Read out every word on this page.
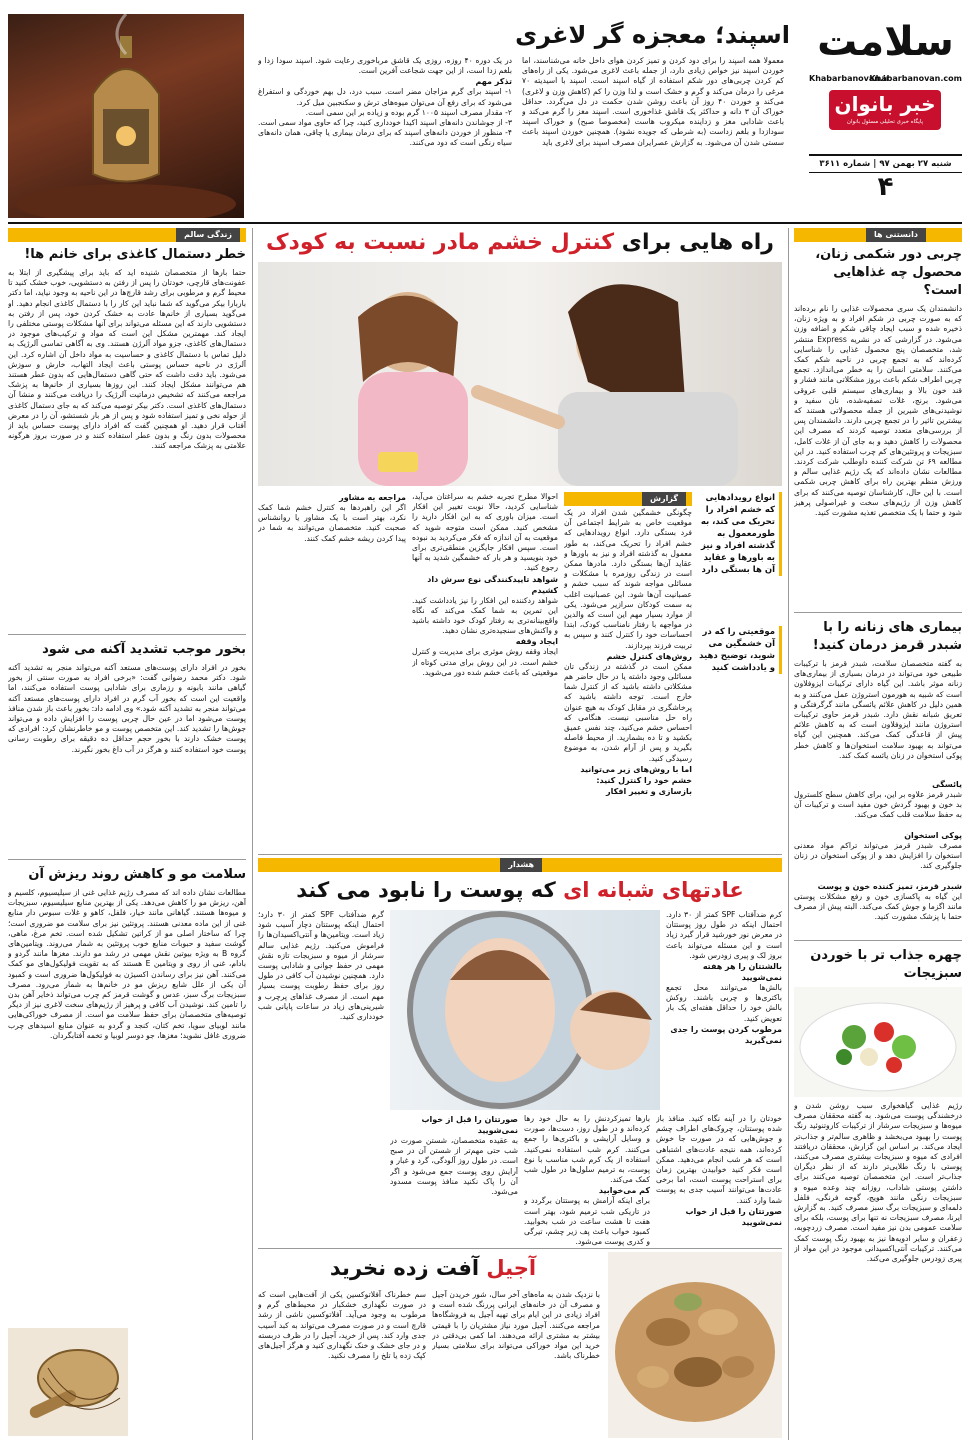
سلامت
Khabarbanovan.com
Khabarbanovan.ir
خبر بانوان
پایگاه خبری تحلیلی مسئول بانوان
شنبه ۲۷ بهمن ۹۷ | شماره ۳۶۱۱
۴
اسپند؛ معجزه گر لاغری
معمولا همه اسپند را برای دود کردن و تمیز کردن هوای داخل خانه می‌شناسند، اما خوردن اسپند نیز خواص زیادی دارد، از جمله باعث لاغری می‌شود. یکی از راه‌های کم کردن چربی‌های دور شکم استفاده از گیاه اسپند است. اسپند با اسیدیته ۷۰ مرغی را درمان می‌کند و گرم و خشک است و لذا وزن را کم (کاهش وزن و لاغری) می‌کند و خوردن ۴۰ روز آن باعث روشن شدن حکمت در دل می‌گردد. حداقل خوراک آن ۳ دانه و حداکثر یک قاشق غذاخوری است. اسپند مغز را گرم می‌کند و باعث شادابی مغز و زداینده میکروب هاست (مخصوصا صبح) و خوراک اسپند سودازدا و بلغم زداست (به شرطی که جویده نشود). همچنین خوردن اسپند باعث سستی شدن آن می‌شود. به گزارش عصرایران مصرف اسپند برای لاغری باید
در یک دوره ۴۰ روزه، روزی یک قاشق مرباخوری رعایت شود. اسپند سودا زدا و بلغم زدا است، از این جهت شجاعت آفرین است.
تذکر مهم
۱- اسپند برای گرم مزاجان مضر است. سبب درد، دل بهم خوردگی و استفراغ می‌شود که برای رفع آن می‌توان میوه‌های ترش و سکنجبین میل کرد.
۲- مقدار مصرف اسپند ۱۰۰۵ گرم بوده و زیاده بر این سمی است.
۳- از جوشاندن دانه‌های اسپند اکیدا خودداری کنید، چرا که حاوی مواد سمی است.
۴- منظور از خوردن دانه‌های اسپند که برای درمان بیماری یا چاقی، همان دانه‌های سیاه رنگی است که دود می‌کنند.
زندگی سالم
خطر دستمال کاغذی برای خانم ها!
حتما بارها از متخصصان شنیده اید که باید برای پیشگیری از ابتلا به عفونت‌های قارچی، خودتان را پس از رفتن به دستشویی، خوب خشک کنید تا محیط گرم و مرطوبی برای رشد قارچ‌ها در این ناحیه به وجود نیاید، اما دکتر باربارا بیکر می‌گوید که شما نباید این کار را با دستمال کاغذی انجام دهید. او می‌گوید بسیاری از خانم‌ها عادت به خشک کردن خود، پس از رفتن به دستشویی دارند که این مسئله می‌تواند برای آنها مشکلات پوستی مختلفی را ایجاد کند. مهمترین مشکل این است که مواد و ترکیب‌های موجود در دستمال‌های کاغذی، جزو مواد آلرژن هستند. وی به آگاهی تماسی آلرژیک به دلیل تماس با دستمال کاغذی و حساسیت به مواد داخل آن اشاره کرد. این آلرژی در ناحیه حساس پوستی باعث ایجاد التهاب، خارش و سوزش می‌شود. باید دقت داشت که حتی گاهی دستمال‌هایی که بدون عطر هستند هم می‌توانند مشکل ایجاد کنند. این روزها بسیاری از خانم‌ها به پزشک مراجعه می‌کنند که تشخیص درماتیت آلرژیک را دریافت می‌کنند و منشا آن دستمال‌های کاغذی است. دکتر بیکر توصیه می‌کند که به جای دستمال کاغذی از حوله نخی و تمیز استفاده شود و پس از هر بار شستشو، آن را در معرض آفتاب قرار دهید. او همچنین گفت که افراد دارای پوست حساس باید از محصولات بدون رنگ و بدون عطر استفاده کنند و در صورت بروز هرگونه علامتی به پزشک مراجعه کنند.
بخور موجب تشدید آکنه می شود
بخور در افراد دارای پوست‌های مستعد آکنه می‌تواند منجر به تشدید آکنه شود. دکتر محمد رضوانی گفت: «برخی افراد به صورت سنتی از بخور گیاهی مانند بابونه و رزماری برای شادابی پوست استفاده می‌کنند، اما واقعیت این است که بخور آب گرم در افراد دارای پوست‌های مستعد آکنه می‌تواند منجر به تشدید آکنه شود.» وی ادامه داد: بخور باعث باز شدن منافذ پوست می‌شود اما در عین حال چربی پوست را افزایش داده و می‌تواند جوش‌ها را تشدید کند. این متخصص پوست و مو خاطرنشان کرد: افرادی که پوست خشک دارند با بخور حجم حداقل ده دقیقه برای رطوبت رسانی پوست خود استفاده کنند و هرگز در آب داغ بخور نگیرند.
سلامت مو و کاهش روند ریزش آن
مطالعات نشان داده اند که مصرف رژیم غذایی غنی از سیلیسیوم، کلسیم و آهن، ریزش مو را کاهش می‌دهد. یکی از بهترین منابع سیلیسیوم، سبزیجات و میوه‌ها هستند. گیاهانی مانند خیار، فلفل، کاهو و غلات سبوس دار منابع غنی از این ماده معدنی هستند. پروتئین نیز برای سلامت مو ضروری است؛ چرا که ساختار اصلی مو از کراتین تشکیل شده است. تخم مرغ، ماهی، گوشت سفید و حبوبات منابع خوب پروتئین به شمار می‌روند. ویتامین‌های گروه B به ویژه بیوتین نقش مهمی در رشد مو دارند. مغزها مانند گردو و بادام، غنی از روی و ویتامین E هستند که به تقویت فولیکول‌های مو کمک می‌کنند. آهن نیز برای رساندن اکسیژن به فولیکول‌ها ضروری است و کمبود آن یکی از علل شایع ریزش مو در خانم‌ها به شمار می‌رود. مصرف سبزیجات برگ سبز، عدس و گوشت قرمز کم چرب می‌تواند ذخایر آهن بدن را تامین کند. نوشیدن آب کافی و پرهیز از رژیم‌های سخت لاغری نیز از دیگر توصیه‌های متخصصان برای حفظ سلامت مو است. از مصرف خوراکی‌هایی مانند لوبیای سویا، تخم کتان، کنجد و گردو به عنوان منابع اسیدهای چرب ضروری غافل نشوید؛ مغزها، جو دوسر لوبیا و تخمه آفتابگردان.
راه هایی برای کنترل خشم مادر نسبت به کودک
انواع رویدادهایی که خشم افراد را تحریک می کند، به طورمعمول به گذشته افراد و نیز به باورها و عقاید آن ها بستگی دارد
موقعیتی را که در آن خشمگین می شوید، توضیح دهید و یادداشت کنید
گزارش
چگونگی خشمگین شدن افراد در یک موقعیت خاص به شرایط اجتماعی آن فرد بستگی دارد. انواع رویدادهایی که خشم افراد را تحریک می‌کند، به طور معمول به گذشته افراد و نیز به باورها و عقاید آن‌ها بستگی دارد. مادرها ممکن است در زندگی روزمره با مشکلات و مسائلی مواجه شوند که سبب خشم و عصبانیت آن‌ها شود. این عصبانیت اغلب به سمت کودکان سرازیر می‌شود. یکی از موارد بسیار مهم این است که والدین در مواجهه با رفتار نامناسب کودک، ابتدا احساسات خود را کنترل کنند و سپس به تربیت فرزند بپردازند.
روش‌های کنترل خشم
ممکن است در گذشته در زندگی تان مسائلی وجود داشته یا در حال حاضر هم مشکلاتی داشته باشید که از کنترل شما خارج است. توجه داشته باشید که پرخاشگری در مقابل کودک به هیچ عنوان راه حل مناسبی نیست. هنگامی که احساس خشم می‌کنید، چند نفس عمیق بکشید و تا ده بشمارید. از محیط فاصله بگیرید و پس از آرام شدن، به موضوع رسیدگی کنید.
اما با روش‌های زیر می‌توانید خشم خود را کنترل کنید:
بازسازی و تغییر افکار
احوالا مطرح تجربه خشم به سراغتان می‌آید، شناسایی کردید، حالا نوبت تغییر این افکار است. میزان باوری که به این افکار دارید را مشخص کنید. ممکن است متوجه شوید که موقعیت به آن اندازه که فکر می‌کردید بد نبوده است. سپس افکار جایگزین منطقی‌تری برای خود بنویسید و هر بار که خشمگین شدید به آنها رجوع کنید.
شواهد تاییدکنندگی نوع سرش داد کشیدم
شواهد ردکننده این افکار را نیز یادداشت کنید. این تمرین به شما کمک می‌کند که نگاه واقع‌بینانه‌تری به رفتار کودک خود داشته باشید و واکنش‌های سنجیده‌تری نشان دهید.
ایجاد وقفه
ایجاد وقفه روش موثری برای مدیریت و کنترل خشم است. در این روش برای مدتی کوتاه از موقعیتی که باعث خشم شده دور می‌شوید.
مراجعه به مشاور
اگر این راهبردها به کنترل خشم شما کمک نکرد، بهتر است با یک مشاور یا روانشناس صحبت کنید. متخصصان می‌توانند به شما در پیدا کردن ریشه خشم کمک کنند.
هشدار
عادتهای شبانه ای که پوست را نابود می کند
گرم ضدآفتاب SPF کمتر از ۳۰ دارد؛ احتمال اینکه پوستتان دچار آسیب شود زیاد است. ویتامین‌ها و آنتی‌اکسیدان‌ها را فراموش می‌کنید. رژیم غذایی سالم سرشار از میوه و سبزیجات تازه نقش مهمی در حفظ جوانی و شادابی پوست دارد. همچنین نوشیدن آب کافی در طول روز برای حفظ رطوبت پوست بسیار مهم است. از مصرف غذاهای پرچرب و شیرینی‌های زیاد در ساعات پایانی شب خودداری کنید.
کرم ضدآفتاب SPF کمتر از ۳۰ دارد. احتمال اینکه در طول روز پوستتان در معرض نور خورشید قرار گیرد زیاد است و این مسئله می‌تواند باعث بروز لک و پیری زودرس شود.
بالشتتان را هر هفته نمی‌شویید
بالش‌ها می‌توانند محل تجمع باکتری‌ها و چربی باشند. روکش بالش خود را حداقل هفته‌ای یک بار تعویض کنید.
مرطوب کردن پوست را جدی نمی‌گیرید
خودتان را در آینه نگاه کنید. منافذ باز شده پوستتان، چروک‌های اطراف چشم و جوش‌هایی که در صورت جا خوش کرده‌اند، همه نتیجه عادت‌های اشتباهی است که هر شب انجام می‌دهید. ممکن است فکر کنید خوابیدن بهترین زمان برای استراحت پوست است، اما برخی عادت‌ها می‌توانند آسیب جدی به پوست شما وارد کنند.
صورتتان را قبل از خواب نمی‌شویید
بارها تمیزکردنش را به حال خود رها کرده‌اند و در طول روز، دست‌ها، صورت و وسایل آرایشی و باکتری‌ها را جمع می‌کنند. کرم شب استفاده نمی‌کنید. استفاده از یک کرم شب مناسب با نوع پوست، به ترمیم سلول‌ها در طول شب کمک می‌کند.
کم می‌خوابید
برای اینکه آرامش به پوستتان برگردد و در تاریکی شب ترمیم شود، بهتر است هفت تا هشت ساعت در شب بخوابید. کمبود خواب باعث پف زیر چشم، تیرگی و کدری پوست می‌شود.
صورتتان را قبل از خواب نمی‌شویید
به عقیده متخصصان، شستن صورت در شب حتی مهم‌تر از شستن آن در صبح است. در طول روز آلودگی، گرد و غبار و آرایش روی پوست جمع می‌شود و اگر آن را پاک نکنید منافذ پوست مسدود می‌شود.
آجیل آفت زده نخرید
سم خطرناک آفلاتوکسین یکی از آفت‌هایی است که در صورت نگهداری خشکبار در محیط‌های گرم و مرطوب به وجود می‌آید. آفلاتوکسین ناشی از رشد قارچ است و در صورت مصرف می‌تواند به کبد آسیب جدی وارد کند. پس از خرید، آجیل را در ظرف دربسته و در جای خشک و خنک نگهداری کنید و هرگز آجیل‌های کپک زده یا تلخ را مصرف نکنید.
با نزدیک شدن به ماه‌های آخر سال، شور خریدن آجیل و مصرف آن در خانه‌های ایرانی پررنگ شده است و افراد زیادی در این ایام برای تهیه آجیل به فروشگاه‌ها مراجعه می‌کنند. آجیل مورد نیاز مشتریان را با قیمتی بیشتر به مشتری ارائه می‌دهند. اما کمی بی‌دقتی در خرید این مواد خوراکی می‌تواند برای سلامتی بسیار خطرناک باشد.
دانستنی ها
چربی دور شکمی زنان، محصول چه غذاهایی است؟
دانشمندان یک سری محصولات غذایی را نام برده‌اند که به صورت چربی در شکم افراد و به ویژه زنان، ذخیره شده و سبب ایجاد چاقی شکم و اضافه وزن می‌شود. در گزارشی که در نشریه Express منتشر شد، متخصصان پنج محصول غذایی را شناسایی کرده‌اند که به تجمع چربی در ناحیه شکم کمک می‌کنند. سلامتی انسان را به خطر می‌اندازد. تجمع چربی اطراف شکم باعث بروز مشکلاتی مانند فشار و قند خون بالا و بیماری‌های سیستم قلبی عروقی می‌شود. برنج، غلات تصفیه‌شده، نان سفید و نوشیدنی‌های شیرین از جمله محصولاتی هستند که بیشترین تاثیر را در تجمع چربی دارند. دانشمندان پس از بررسی‌های متعدد توصیه کردند که مصرف این محصولات را کاهش دهید و به جای آن از غلات کامل، سبزیجات و پروتئین‌های کم چرب استفاده کنید. در این مطالعه ۶۹ تن شرکت کننده داوطلب شرکت کردند. مطالعات نشان داده‌اند که یک رژیم غذایی سالم و ورزش منظم بهترین راه برای کاهش چربی شکمی است. با این حال، کارشناسان توصیه می‌کنند که برای کاهش وزن از رژیم‌های سخت و غیراصولی پرهیز شود و حتما با یک متخصص تغذیه مشورت کنید.
بیماری های زنانه را با شبدر قرمز درمان کنید!
به گفته متخصصان سلامت، شبدر قرمز با ترکیبات طبیعی خود می‌تواند در درمان بسیاری از بیماری‌های زنانه موثر باشد. این گیاه دارای ترکیبات ایزوفلاون است که شبیه به هورمون استروژن عمل می‌کنند و به همین دلیل در کاهش علائم یائسگی مانند گرگرفتگی و تعریق شبانه نقش دارد. شبدر قرمز حاوی ترکیبات استروژن مانند ایزوفلاون است که به کاهش علائم پیش از قاعدگی کمک می‌کند. همچنین این گیاه می‌تواند به بهبود سلامت استخوان‌ها و کاهش خطر پوکی استخوان در زنان یائسه کمک کند.
یائسگی
شبدر قرمز علاوه بر این، برای کاهش سطح کلسترول بد خون و بهبود گردش خون مفید است و ترکیبات آن به حفظ سلامت قلب کمک می‌کند.
پوکی استخوان
مصرف شبدر قرمز می‌تواند تراکم مواد معدنی استخوان را افزایش دهد و از پوکی استخوان در زنان جلوگیری کند.
شبدر قرمز، تمیز کننده خون و پوست
این گیاه به پاکسازی خون و رفع مشکلات پوستی مانند اگزما و جوش کمک می‌کند. البته پیش از مصرف حتما با پزشک مشورت کنید.
چهره جذاب تر با خوردن سبزیجات
رژیم غذایی گیاهخواری سبب روشن شدن و درخشندگی پوست می‌شود. به گفته محققان مصرف میوه‌ها و سبزیجات سرشار از ترکیبات کاروتنوئید رنگ پوست را بهبود می‌بخشد و ظاهری سالم‌تر و جذاب‌تر ایجاد می‌کند. بر اساس این گزارش، محققان دریافتند افرادی که میوه و سبزیجات بیشتری مصرف می‌کنند، پوستی با رنگ طلایی‌تر دارند که از نظر دیگران جذاب‌تر است. این متخصصان توصیه می‌کنند برای داشتن پوستی شاداب، روزانه چند وعده میوه و سبزیجات رنگی مانند هویج، گوجه فرنگی، فلفل دلمه‌ای و سبزیجات برگ سبز مصرف کنید. به گزارش ایرنا، مصرف سبزیجات نه تنها برای پوست، بلکه برای سلامت عمومی بدن نیز مفید است. مصرف زردچوبه، زعفران و سایر ادویه‌ها نیز به بهبود رنگ پوست کمک می‌کنند. ترکیبات آنتی‌اکسیدانی موجود در این مواد از پیری زودرس جلوگیری می‌کند.
